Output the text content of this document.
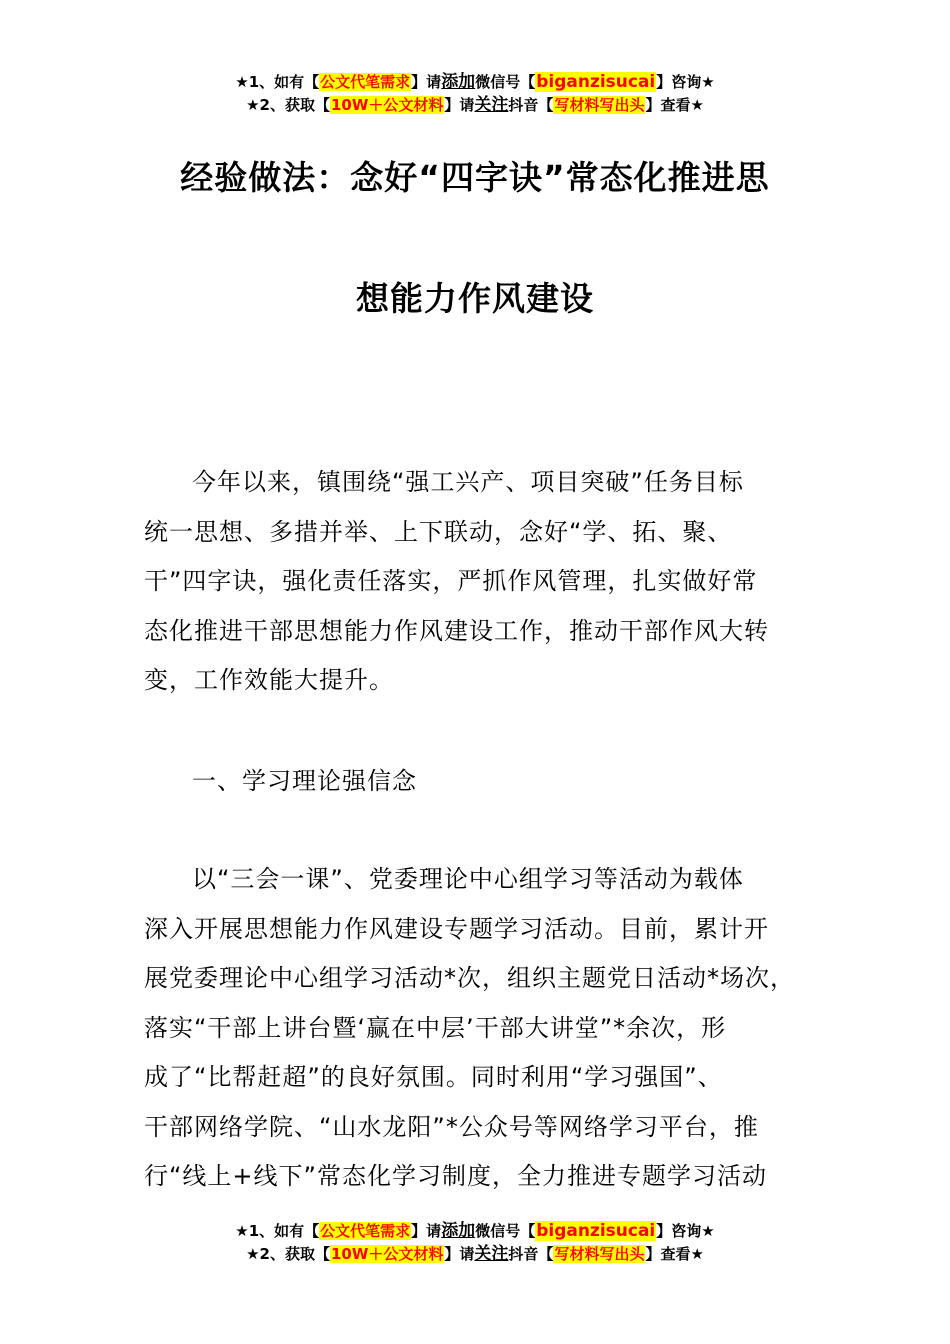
★1、如有【公文代笔需求】请添加微信号【biganzisucai】咨询★
★2、获取【10W＋公文材料】请关注抖音【写材料写出头】查看★
经验做法：念好“四字诀”常态化推进思
想能力作风建设
今年以来，镇围绕“强工兴产、项目突破”任务目标
统一思想、多措并举、上下联动，念好“学、拓、聚、
干”四字诀，强化责任落实，严抓作风管理，扎实做好常
态化推进干部思想能力作风建设工作，推动干部作风大转
变，工作效能大提升。
一、学习理论强信念
以“三会一课”、党委理论中心组学习等活动为载体
深入开展思想能力作风建设专题学习活动。目前，累计开
展党委理论中心组学习活动*次，组织主题党日活动*场次，
落实“干部上讲台暨‘赢在中层’干部大讲堂”*余次，形
成了“比帮赶超”的良好氛围。同时利用“学习强国”、
干部网络学院、“山水龙阳”*公众号等网络学习平台，推
行“线上+线下”常态化学习制度，全力推进专题学习活动
★1、如有【公文代笔需求】请添加微信号【biganzisucai】咨询★
★2、获取【10W＋公文材料】请关注抖音【写材料写出头】查看★
